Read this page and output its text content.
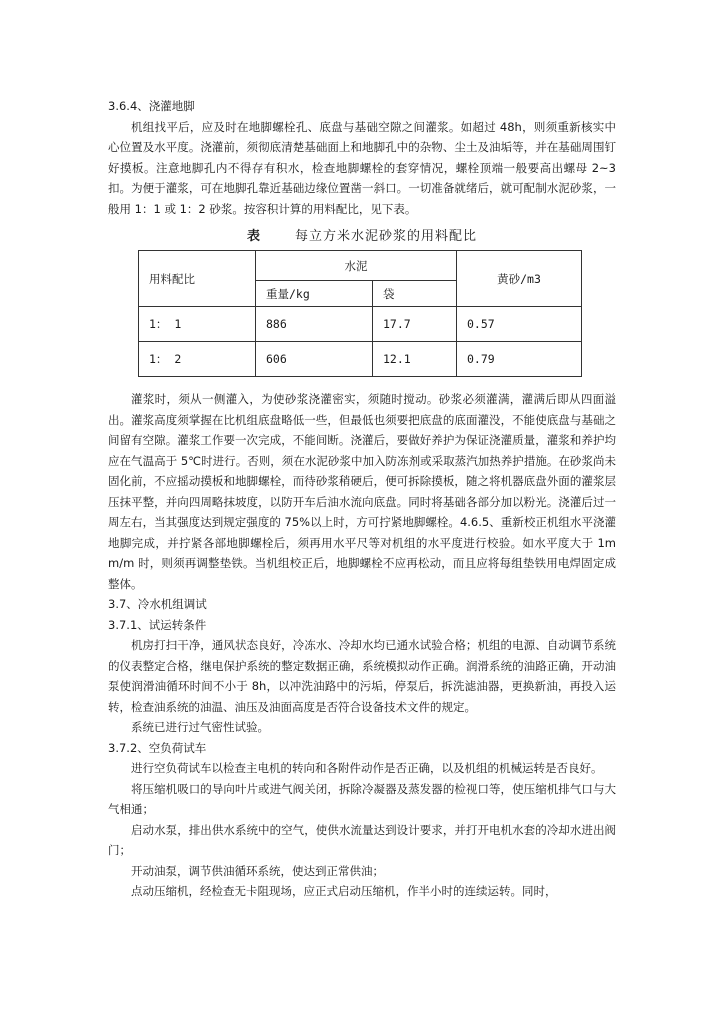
3.6.4、浇灌地脚

机组找平后，应及时在地脚螺栓孔、底盘与基础空隙之间灌浆。如超过 48h，则须重新核实中心位置及水平度。浇灌前，须彻底清楚基础面上和地脚孔中的杂物、尘土及油垢等，并在基础周围钉好摸板。注意地脚孔内不得存有积水，检查地脚螺栓的套穿情况，螺栓顶端一般要高出螺母 2~3 扣。为便于灌浆，可在地脚孔靠近基础边缘位置凿一斜口。一切准备就绪后，就可配制水泥砂浆，一般用 1：1 或 1：2 砂浆。按容积计算的用料配比，见下表。

表	每立方米水泥砂浆的用料配比
用料配比	水泥		黄砂/m3
	重量/kg	袋	
1： 1	886	17.7	0.57
1： 2	606	12.1	0.79

灌浆时，须从一侧灌入，为使砂浆浇灌密实，须随时搅动。砂浆必须灌满，灌满后即从四面溢出。灌浆高度须掌握在比机组底盘略低一些，但最低也须要把底盘的底面灌没，不能使底盘与基础之间留有空隙。灌浆工作要一次完成，不能间断。浇灌后，要做好养护为保证浇灌质量，灌浆和养护均应在气温高于 5℃时进行。否则，须在水泥砂浆中加入防冻剂或采取蒸汽加热养护措施。在砂浆尚未固化前，不应摇动摸板和地脚螺栓，而待砂浆稍硬后，便可拆除摸板，随之将机器底盘外面的灌浆层压抹平整，并向四周略抹坡度，以防开车后油水流向底盘。同时将基础各部分加以粉光。浇灌后过一周左右，当其强度达到规定强度的 75%以上时，方可拧紧地脚螺栓。4.6.5、重新校正机组水平浇灌地脚完成，并拧紧各部地脚螺栓后，须再用水平尺等对机组的水平度进行校验。如水平度大于 1mm/m 时，则须再调整垫铁。当机组校正后，地脚螺栓不应再松动，而且应将每组垫铁用电焊固定成整体。

3.7、冷水机组调试

3.7.1、试运转条件

机房打扫干净，通风状态良好，冷冻水、冷却水均已通水试验合格；机组的电源、自动调节系统的仪表整定合格，继电保护系统的整定数据正确，系统模拟动作正确。润滑系统的油路正确，开动油泵使润滑油循环时间不小于 8h，以冲洗油路中的污垢，停泵后，拆洗滤油器，更换新油，再投入运转，检查油系统的油温、油压及油面高度是否符合设备技术文件的规定。

系统已进行过气密性试验。

3.7.2、空负荷试车

进行空负荷试车以检查主电机的转向和各附件动作是否正确，以及机组的机械运转是否良好。

将压缩机吸口的导向叶片或进气阀关闭，拆除冷凝器及蒸发器的检视口等，使压缩机排气口与大气相通；

启动水泵，排出供水系统中的空气，使供水流量达到设计要求，并打开电机水套的冷却水进出阀门；

开动油泵，调节供油循环系统，使达到正常供油；

点动压缩机，经检查无卡阻现场，应正式启动压缩机，作半小时的连续运转。同时，
